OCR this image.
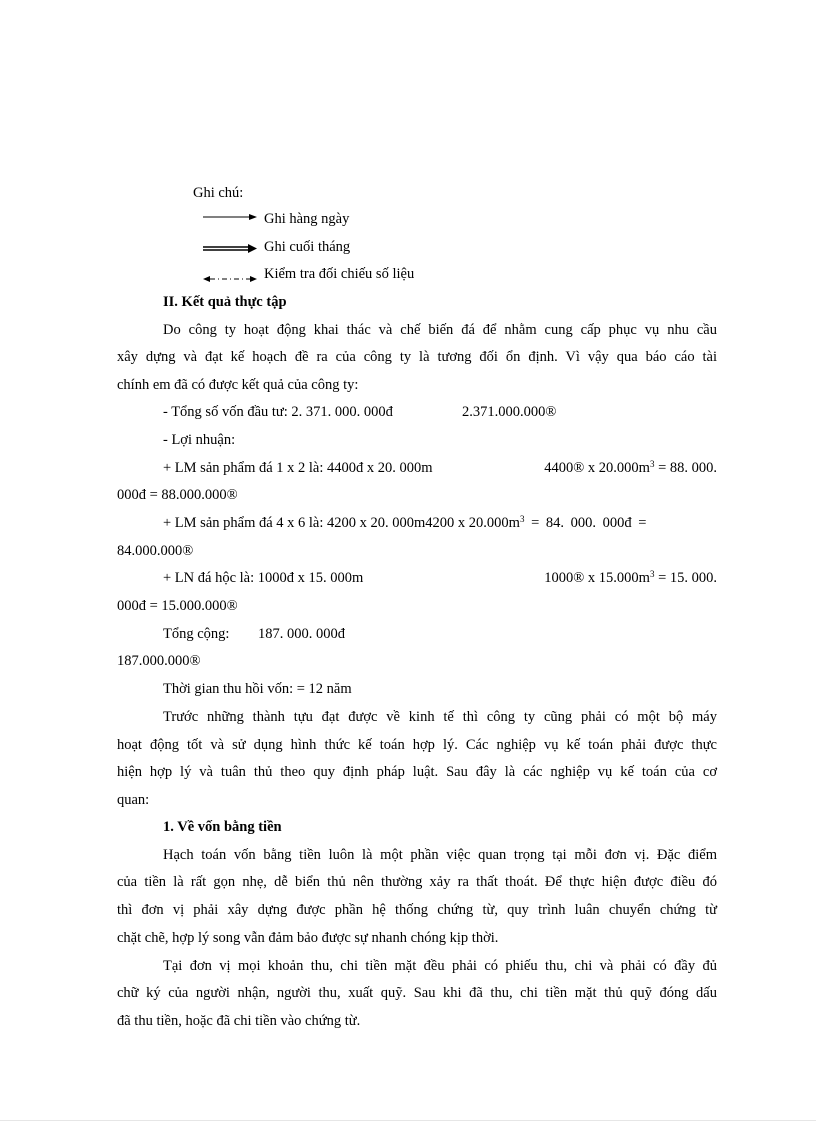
Ghi chú:
Ghi hàng ngày
Ghi cuối tháng
Kiểm tra đối chiếu số liệu
II. Kết quả thực tập
Do công ty hoạt động khai thác và chế biến đá để nhằm cung cấp phục vụ nhu cầu
xây dựng và đạt kế hoạch đề ra của công ty là tương đối ổn định. Vì vậy qua báo cáo tài
chính em đã có được kết quả của công ty:
- Tổng số vốn đầu tư: 2. 371. 000. 000đ	2.371.000.000®
- Lợi nhuận:
+ LM sản phẩm đá 1 x 2 là: 4400đ x 20. 000m	4400® x $20.000m^3 = 88$. 000.
000đ = 88.000.000®
+ LM sản phẩm đá 4 x 6 là: 4200 x 20. 000m4200 x $20.000m^3 = 84$. 000. 000đ =
84.000.000®
+ LN đá hộc là: 1000đ x 15. 000m	1000® x $15.000m^3 = 15$. 000.
000đ = 15.000.000®
Tổng cộng: 187. 000. 000đ
187.000.000®
Thời gian thu hồi vốn: = 12 năm
Trước những thành tựu đạt được về kinh tế thì công ty cũng phải có một bộ máy
hoạt động tốt và sử dụng hình thức kế toán hợp lý. Các nghiệp vụ kế toán phải được thực
hiện hợp lý và tuân thủ theo quy định pháp luật. Sau đây là các nghiệp vụ kế toán của cơ
quan:
1. Về vốn bằng tiền
Hạch toán vốn bằng tiền luôn là một phần việc quan trọng tại mỗi đơn vị. Đặc điểm
của tiền là rất gọn nhẹ, dễ biển thủ nên thường xảy ra thất thoát. Để thực hiện được điều đó
thì đơn vị phải xây dựng được phần hệ thống chứng từ, quy trình luân chuyển chứng từ
chặt chẽ, hợp lý song vẫn đảm bảo được sự nhanh chóng kịp thời.
Tại đơn vị mọi khoản thu, chi tiền mặt đều phải có phiếu thu, chi và phải có đầy đủ
chữ ký của người nhận, người thu, xuất quỹ. Sau khi đã thu, chi tiền mặt thủ quỹ đóng dấu
đã thu tiền, hoặc đã chi tiền vào chứng từ.
